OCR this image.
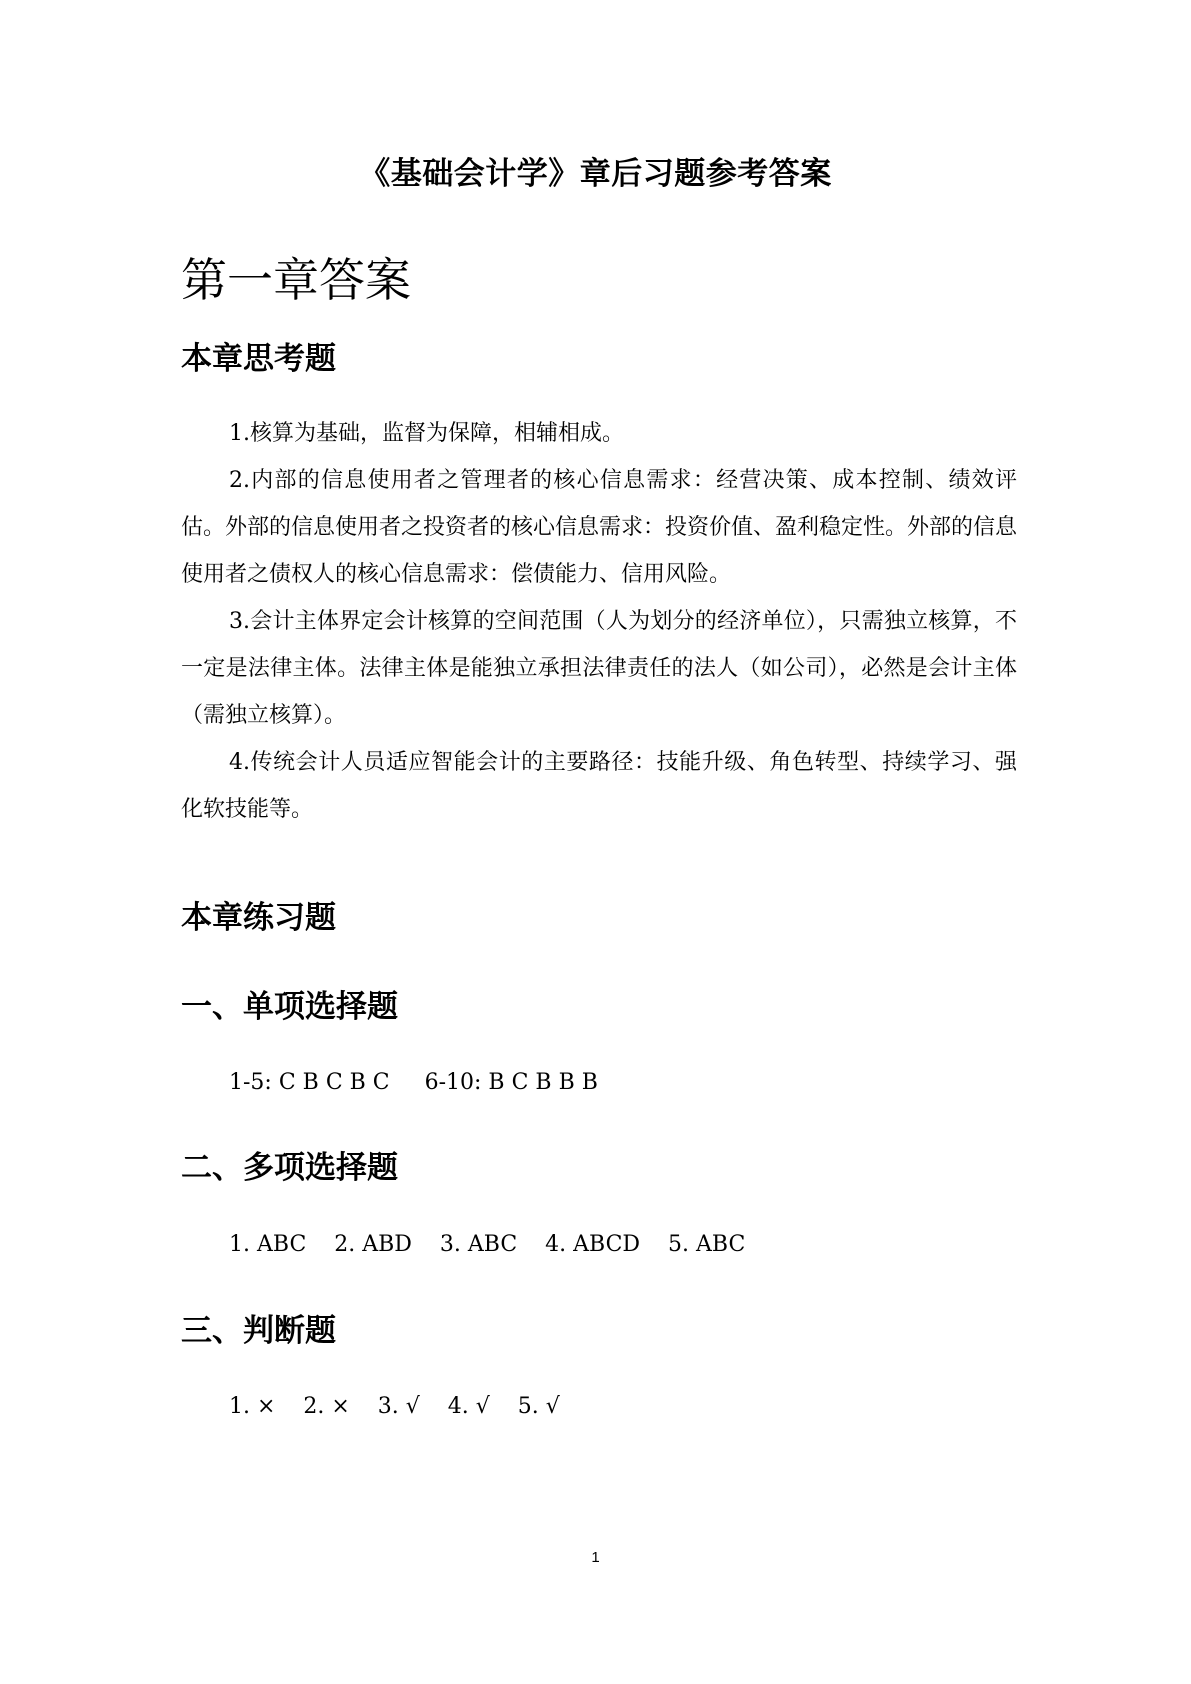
《基础会计学》章后习题参考答案
第一章答案
本章思考题

1.核算为基础，监督为保障，相辅相成。

2.内部的信息使用者之管理者的核心信息需求：经营决策、成本控制、绩效评估。外部的信息使用者之投资者的核心信息需求：投资价值、盈利稳定性。外部的信息使用者之债权人的核心信息需求：偿债能力、信用风险。

3.会计主体界定会计核算的空间范围（人为划分的经济单位），只需独立核算，不一定是法律主体。法律主体是能独立承担法律责任的法人（如公司），必然是会计主体（需独立核算）。

4.传统会计人员适应智能会计的主要路径：技能升级、角色转型、持续学习、强化软技能等。

本章练习题
一、单项选择题
1-5: C B C B C     6-10: B C B B B
二、多项选择题
1. ABC    2. ABD    3. ABC    4. ABCD    5. ABC
三、判断题
1. ×    2. ×    3. √    4. √    5. √
1
